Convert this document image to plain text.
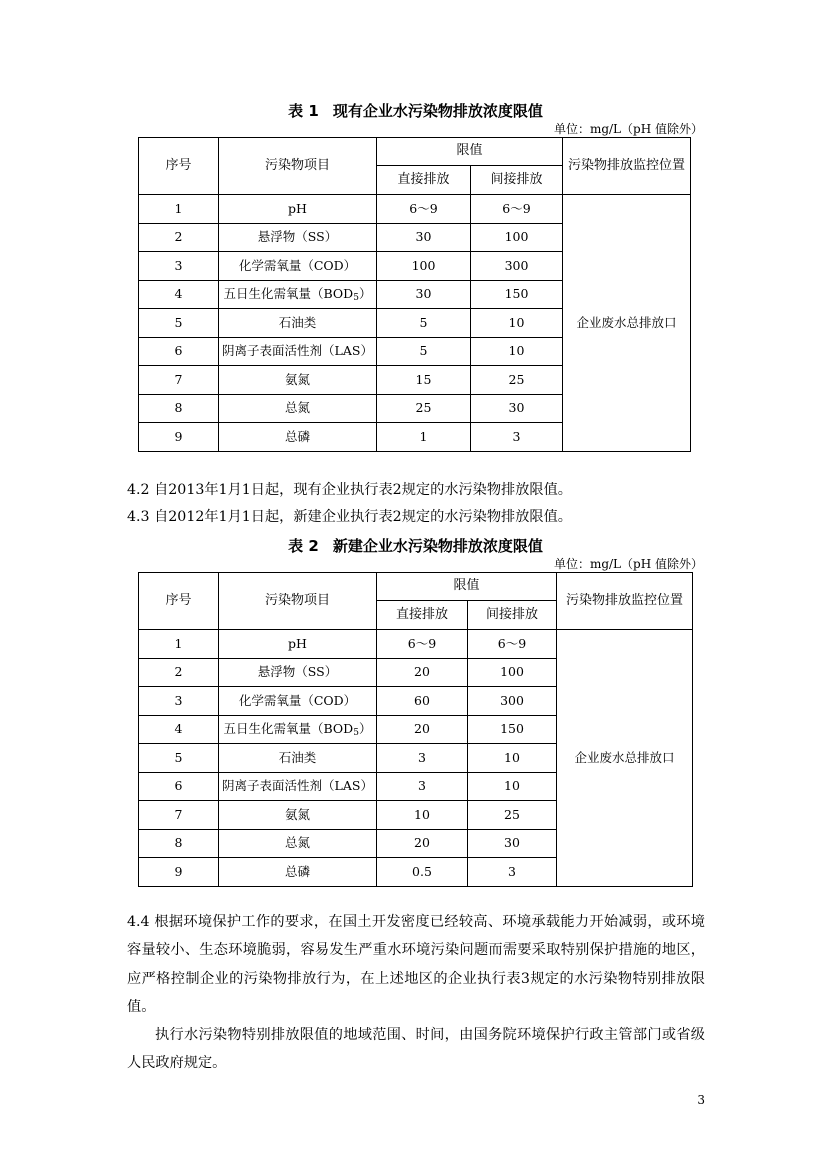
表 1 现有企业水污染物排放浓度限值
单位：mg/L（pH 值除外）
序号	污染物项目	限值		污染物排放监控位置
		直接排放	间接排放	
1	pH	6～9	6～9	企业废水总排放口
2	悬浮物（SS）	30	100	
3	化学需氧量（COD）	100	300	
4	五日生化需氧量$(BOD_5)$	30	150	
5	石油类	5	10	
6	阴离子表面活性剂（LAS）	5	10	
7	氨氮	15	25	
8	总氮	25	30	
9	总磷	1	3	
4.2 自2013年1月1日起，现有企业执行表2规定的水污染物排放限值。
4.3 自2012年1月1日起，新建企业执行表2规定的水污染物排放限值。
表 2 新建企业水污染物排放浓度限值
单位：mg/L（pH 值除外）
序号	污染物项目	限值		污染物排放监控位置
		直接排放	间接排放	
1	pH	6～9	6～9	企业废水总排放口
2	悬浮物（SS）	20	100	
3	化学需氧量（COD）	60	300	
4	五日生化需氧量$(BOD_5)$	20	150	
5	石油类	3	10	
6	阴离子表面活性剂（LAS）	3	10	
7	氨氮	10	25	
8	总氮	20	30	
9	总磷	0.5	3	

4.4 根据环境保护工作的要求，在国土开发密度已经较高、环境承载能力开始减弱，或环境容量较小、生态环境脆弱，容易发生严重水环境污染问题而需要采取特别保护措施的地区，应严格控制企业的污染物排放行为，在上述地区的企业执行表3规定的水污染物特别排放限值。

执行水污染物特别排放限值的地域范围、时间，由国务院环境保护行政主管部门或省级人民政府规定。

3
